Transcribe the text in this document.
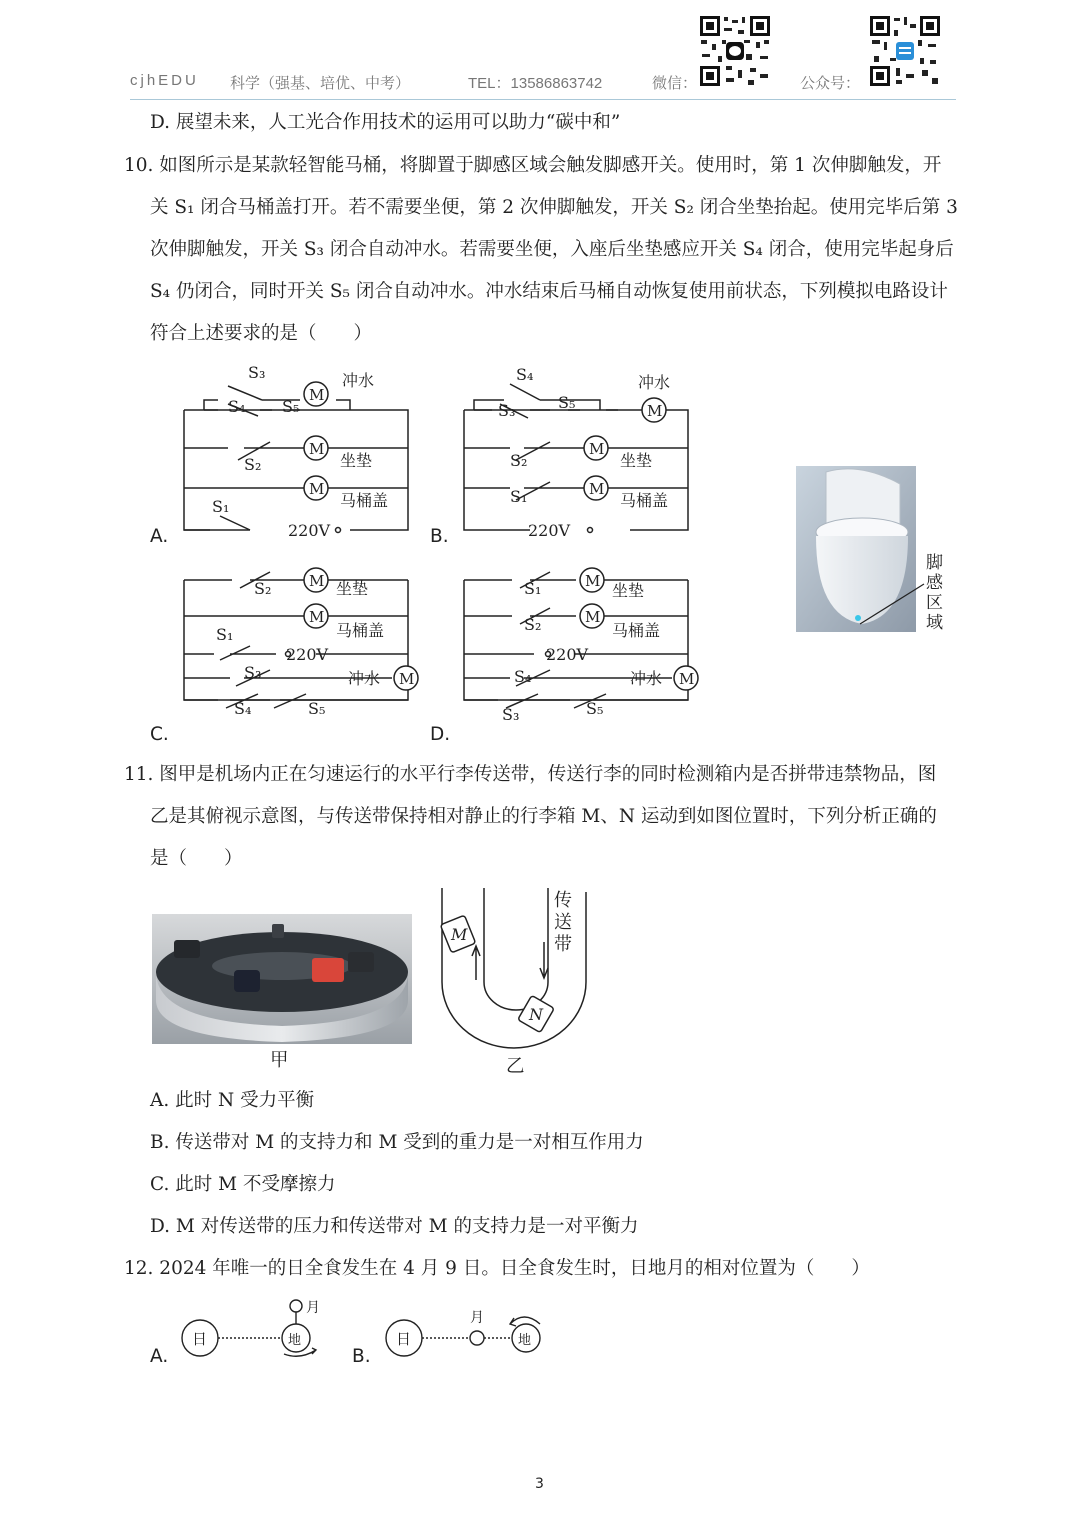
cjhEDU 科学（强基、培优、中考）	TEL：13586863742	微信：	公众号：
D. 展望未来，人工光合作用技术的运用可以助力“碳中和”
10. 如图所示是某款轻智能马桶，将脚置于脚感区域会触发脚感开关。使用时，第 1 次伸脚触发，开
关 S₁ 闭合马桶盖打开。若不需要坐便，第 2 次伸脚触发，开关 S₂ 闭合坐垫抬起。使用完毕后第 3
次伸脚触发，开关 S₃ 闭合自动冲水。若需要坐便，入座后坐垫感应开关 S₄ 闭合，使用完毕起身后
S₄ 仍闭合，同时开关 S₅ 闭合自动冲水。冲水结束后马桶自动恢复使用前状态，下列模拟电路设计
符合上述要求的是（　　）
M
M
M
冲水
坐垫
马桶盖
220V
S₃
S₄ S₅
S₂
S₁
M
M
M
冲水
坐垫
马桶盖
220V
S₄
S₃	S₅
S₂
S₁
M
M
M
坐垫
马桶盖
冲水
220V
S₂
S₁
S₃
S₄	S₅
M
M
M
坐垫
马桶盖
冲水
220V
S₁
S₂
S₄
S₃	S₅
A.	B.
C.	D.
脚
感
区
域
11. 图甲是机场内正在匀速运行的水平行李传送带，传送行李的同时检测箱内是否拼带违禁物品，图
乙是其俯视示意图，与传送带保持相对静止的行李箱 M、N 运动到如图位置时，下列分析正确的
是（　　）
甲
M
N
传
送
带
乙
A. 此时 N 受力平衡
B. 传送带对 M 的支持力和 M 受到的重力是一对相互作用力
C. 此时 M 不受摩擦力
D. M 对传送带的压力和传送带对 M 的支持力是一对平衡力
12. 2024 年唯一的日全食发生在 4 月 9 日。日全食发生时，日地月的相对位置为（　　）
日	地
月
A.
日
月
地
B.
3
